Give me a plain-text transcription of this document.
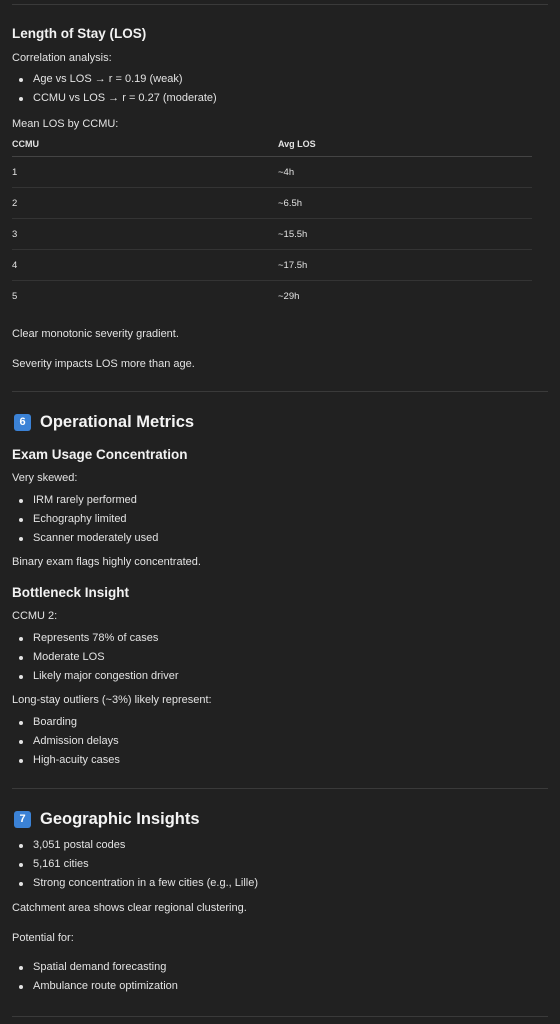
Length of Stay (LOS)
Correlation analysis:
Age vs LOS → r = 0.19 (weak)
CCMU vs LOS → r = 0.27 (moderate)
Mean LOS by CCMU:
CCMU	Avg LOS
1	~4h
2	~6.5h
3	~15.5h
4	~17.5h
5	~29h
Clear monotonic severity gradient.
Severity impacts LOS more than age.
6 Operational Metrics
Exam Usage Concentration
Very skewed:
IRM rarely performed
Echography limited
Scanner moderately used
Binary exam flags highly concentrated.
Bottleneck Insight
CCMU 2:
Represents 78% of cases
Moderate LOS
Likely major congestion driver
Long-stay outliers (~3%) likely represent:
Boarding
Admission delays
High-acuity cases
7 Geographic Insights
3,051 postal codes
5,161 cities
Strong concentration in a few cities (e.g., Lille)
Catchment area shows clear regional clustering.
Potential for:
Spatial demand forecasting
Ambulance route optimization
